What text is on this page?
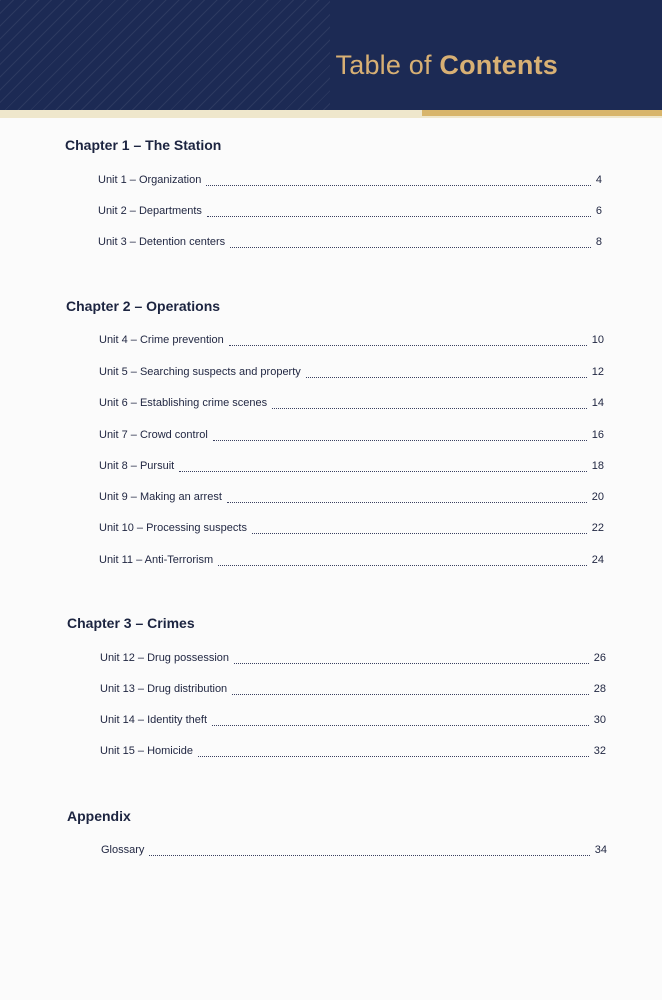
Table of Contents
Chapter 1 – The Station
Unit 1 – Organization	4
Unit 2 – Departments	6
Unit 3 – Detention centers	8
Chapter 2 – Operations
Unit 4 – Crime prevention	10
Unit 5 – Searching suspects and property	12
Unit 6 – Establishing crime scenes	14
Unit 7 – Crowd control	16
Unit 8 – Pursuit	18
Unit 9 – Making an arrest	20
Unit 10 – Processing suspects	22
Unit 11 – Anti-Terrorism	24
Chapter 3 – Crimes
Unit 12 – Drug possession	26
Unit 13 – Drug distribution	28
Unit 14 – Identity theft	30
Unit 15 – Homicide	32
Appendix
Glossary	34
